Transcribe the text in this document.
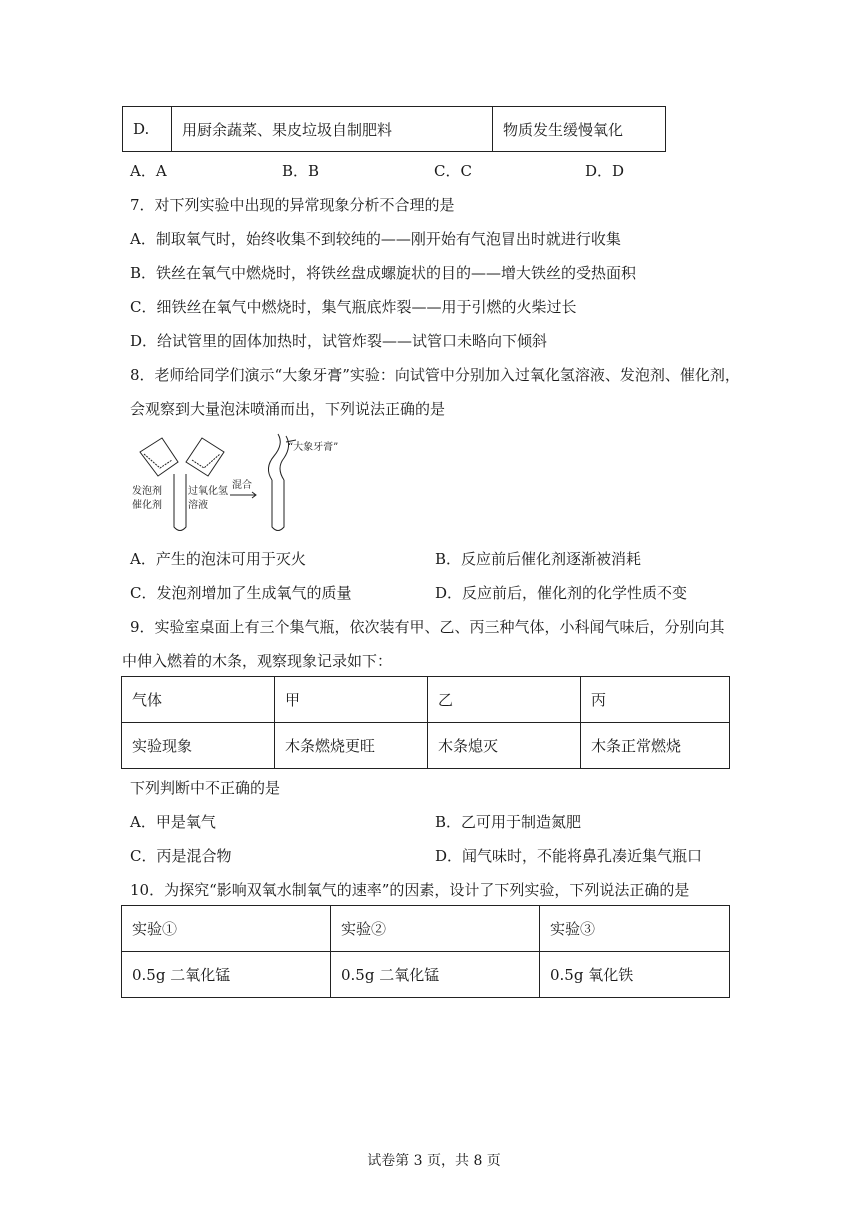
D.	用厨余蔬菜、果皮垃圾自制肥料	物质发生缓慢氧化
A．A	B．B	C．C	D．D
7．对下列实验中出现的异常现象分析不合理的是
A．制取氧气时，始终收集不到较纯的——刚开始有气泡冒出时就进行收集
B．铁丝在氧气中燃烧时，将铁丝盘成螺旋状的目的——增大铁丝的受热面积
C．细铁丝在氧气中燃烧时，集气瓶底炸裂——用于引燃的火柴过长
D．给试管里的固体加热时，试管炸裂——试管口未略向下倾斜
8．老师给同学们演示“大象牙膏”实验：向试管中分别加入过氧化氢溶液、发泡剂、催化剂，
会观察到大量泡沫喷涌而出，下列说法正确的是
发泡剂
催化剂
过氧化氢
溶液
混合
“大象牙膏”
A．产生的泡沫可用于灭火	B．反应前后催化剂逐渐被消耗
C．发泡剂增加了生成氧气的质量	D．反应前后，催化剂的化学性质不变
9．实验室桌面上有三个集气瓶，依次装有甲、乙、丙三种气体，小科闻气味后，分别向其
中伸入燃着的木条，观察现象记录如下：
气体	甲	乙	丙
实验现象	木条燃烧更旺	木条熄灭	木条正常燃烧
下列判断中不正确的是
A．甲是氧气	B．乙可用于制造氮肥
C．丙是混合物	D．闻气味时，不能将鼻孔凑近集气瓶口
10．为探究“影响双氧水制氧气的速率”的因素，设计了下列实验，下列说法正确的是
实验①	实验②	实验③
0.5g 二氧化锰	0.5g 二氧化锰	0.5g 氧化铁
试卷第 3 页，共 8 页
